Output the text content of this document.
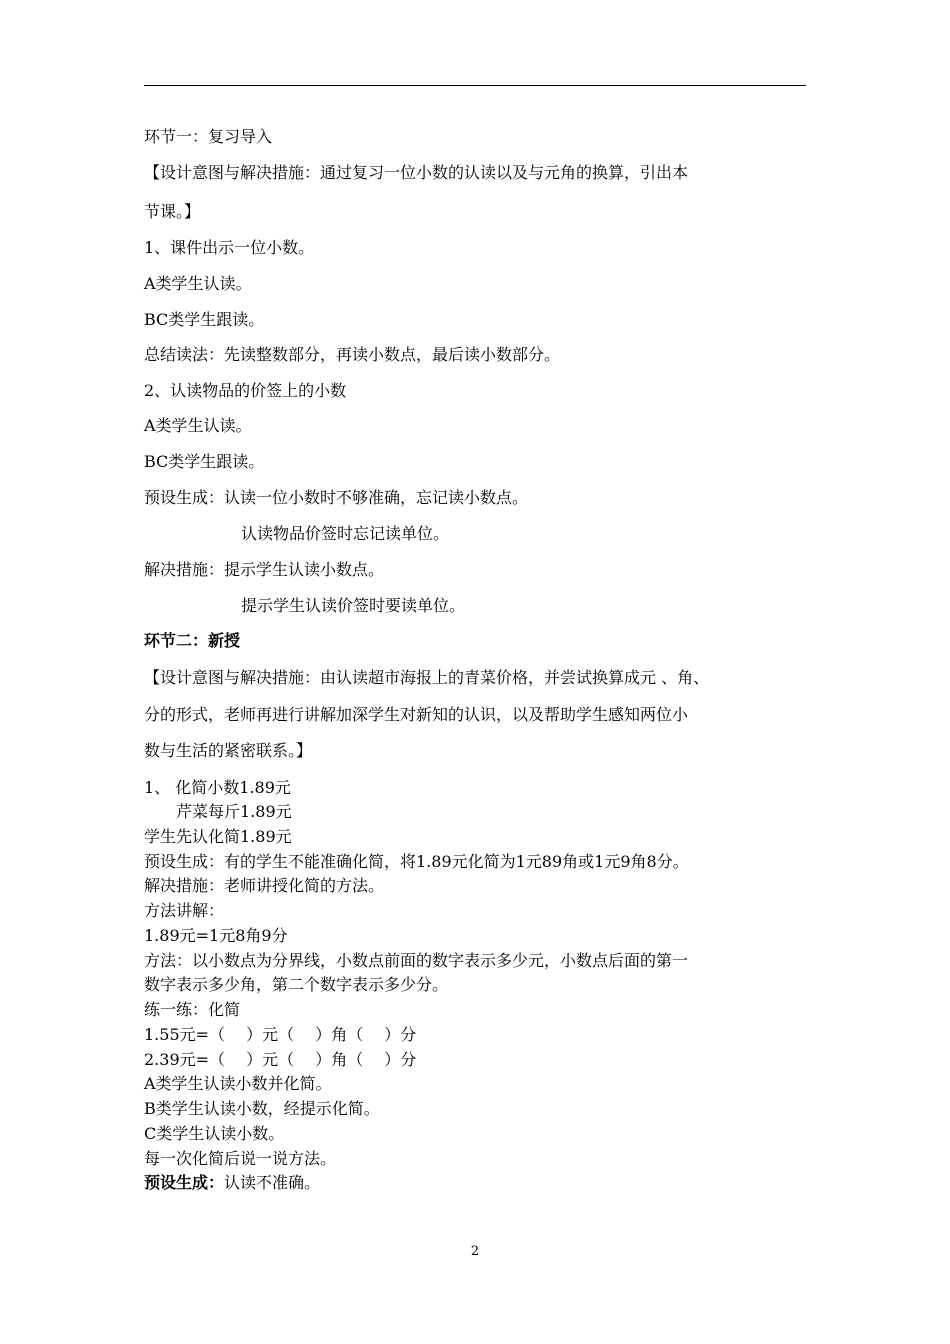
环节一：复习导入
【设计意图与解决措施：通过复习一位小数的认读以及与元角的换算，引出本
节课。】
1、课件出示一位小数。
A类学生认读。
BC类学生跟读。
总结读法：先读整数部分，再读小数点，最后读小数部分。
2、认读物品的价签上的小数
A类学生认读。
BC类学生跟读。
预设生成：认读一位小数时不够准确，忘记读小数点。
认读物品价签时忘记读单位。
解决措施：提示学生认读小数点。
提示学生认读价签时要读单位。
环节二：新授
【设计意图与解决措施：由认读超市海报上的青菜价格，并尝试换算成元 、角、
分的形式，老师再进行讲解加深学生对新知的认识，以及帮助学生感知两位小
数与生活的紧密联系。】
1、 化简小数1.89元
芹菜每斤1.89元
学生先认化简1.89元
预设生成：有的学生不能准确化简，将1.89元化简为1元89角或1元9角8分。
解决措施：老师讲授化简的方法。
方法讲解：
1.89元=1元8角9分
方法：以小数点为分界线，小数点前面的数字表示多少元，小数点后面的第一
数字表示多少角，第二个数字表示多少分。
练一练：化简
1.55元=（　 ）元（　 ）角（　 ）分
2.39元=（　 ）元（　 ）角（　 ）分
A类学生认读小数并化简。
B类学生认读小数，经提示化简。
C类学生认读小数。
每一次化简后说一说方法。
预设生成：认读不准确。
2
